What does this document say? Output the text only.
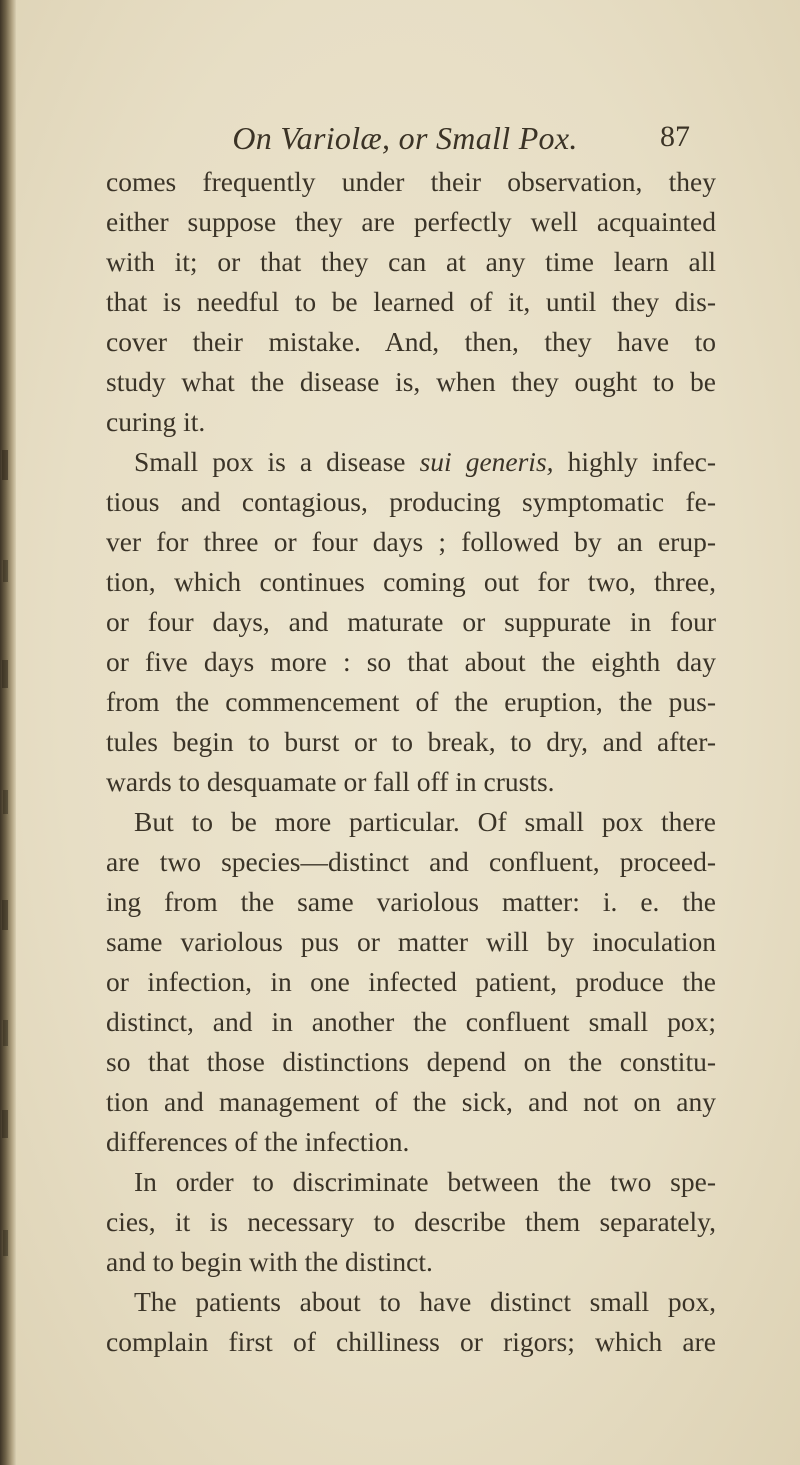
On Variolæ, or Small Pox.	87
comes frequently under their observation, they
either suppose they are perfectly well acquainted
with it; or that they can at any time learn all
that is needful to be learned of it, until they dis-
cover their mistake. And, then, they have to
study what the disease is, when they ought to be
curing it.
Small pox is a disease sui generis, highly infec-
tious and contagious, producing symptomatic fe-
ver for three or four days ; followed by an erup-
tion, which continues coming out for two, three,
or four days, and maturate or suppurate in four
or five days more : so that about the eighth day
from the commencement of the eruption, the pus-
tules begin to burst or to break, to dry, and after-
wards to desquamate or fall off in crusts.
But to be more particular. Of small pox there
are two species—distinct and confluent, proceed-
ing from the same variolous matter: i. e. the
same variolous pus or matter will by inoculation
or infection, in one infected patient, produce the
distinct, and in another the confluent small pox;
so that those distinctions depend on the constitu-
tion and management of the sick, and not on any
differences of the infection.
In order to discriminate between the two spe-
cies, it is necessary to describe them separately,
and to begin with the distinct.
The patients about to have distinct small pox,
complain first of chilliness or rigors; which are
